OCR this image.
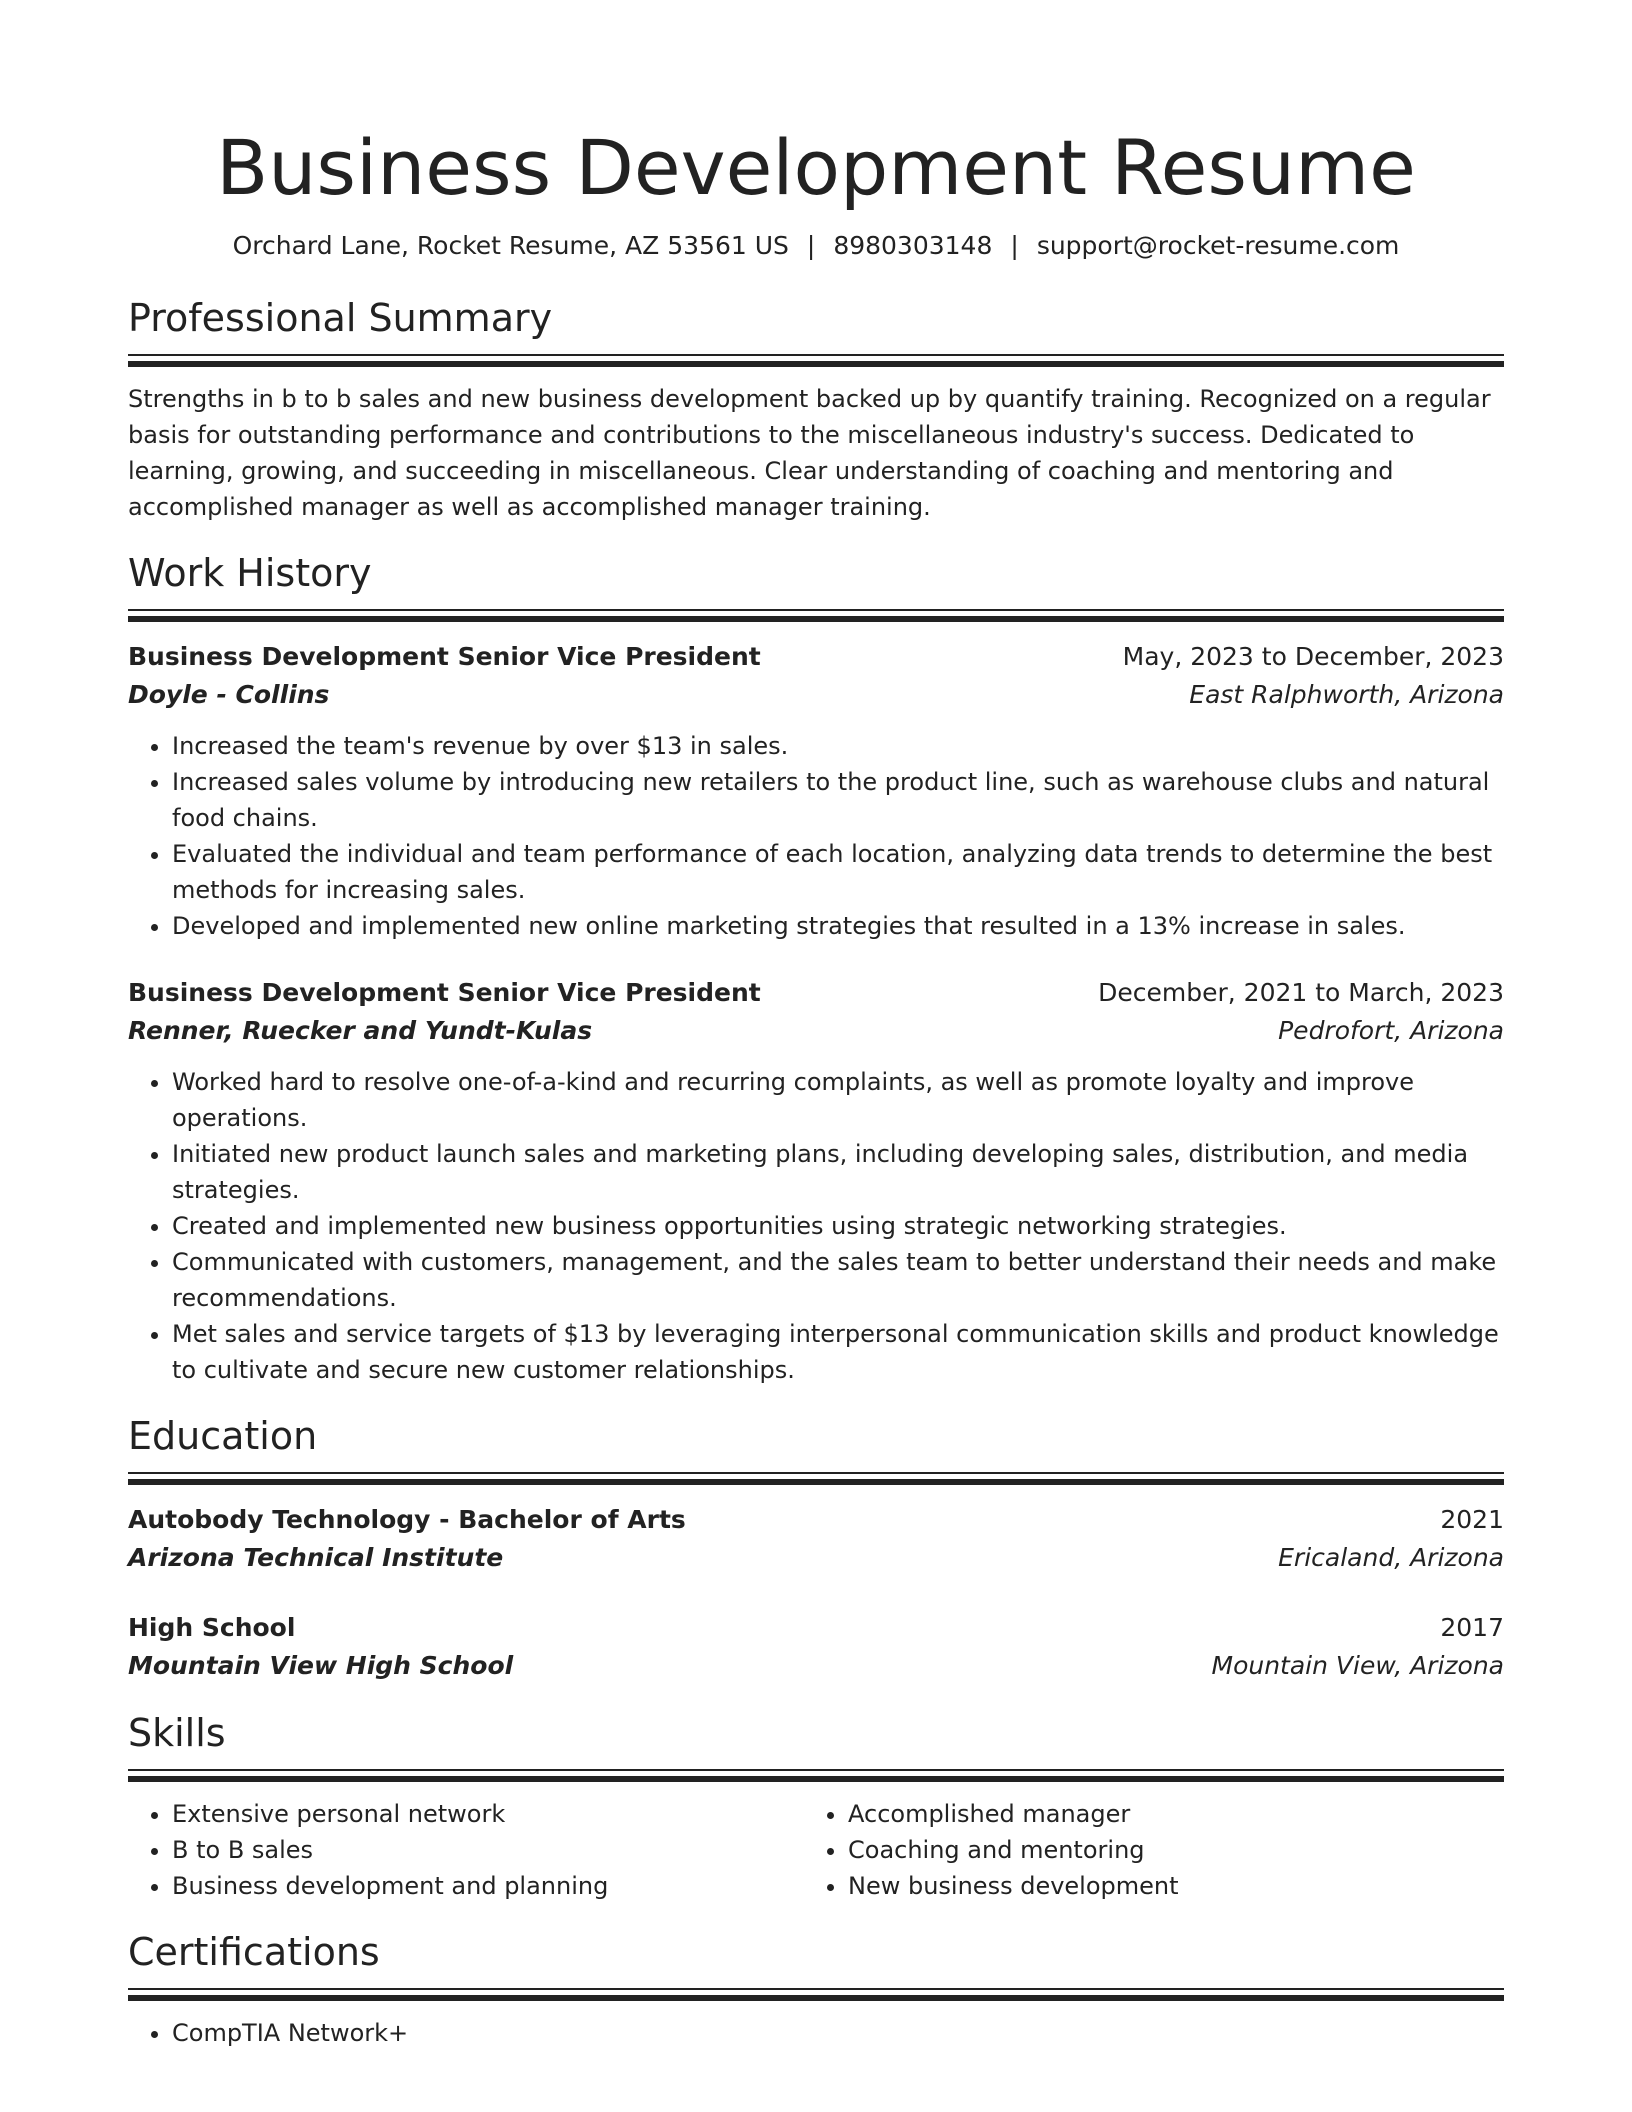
Business Development Resume
Orchard Lane, Rocket Resume, AZ 53561 US | 8980303148 | support@rocket-resume.com
Professional Summary
Strengths in b to b sales and new business development backed up by quantify training. Recognized on a regular basis for outstanding performance and contributions to the miscellaneous industry's success. Dedicated to learning, growing, and succeeding in miscellaneous. Clear understanding of coaching and mentoring and accomplished manager as well as accomplished manager training.
Work History
Business Development Senior Vice President	May, 2023 to December, 2023
Doyle - Collins	East Ralphworth, Arizona
• Increased the team's revenue by over $13 in sales.
• Increased sales volume by introducing new retailers to the product line, such as warehouse clubs and natural food chains.
• Evaluated the individual and team performance of each location, analyzing data trends to determine the best methods for increasing sales.
• Developed and implemented new online marketing strategies that resulted in a 13% increase in sales.
Business Development Senior Vice President	December, 2021 to March, 2023
Renner, Ruecker and Yundt-Kulas	Pedrofort, Arizona
• Worked hard to resolve one-of-a-kind and recurring complaints, as well as promote loyalty and improve operations.
• Initiated new product launch sales and marketing plans, including developing sales, distribution, and media strategies.
• Created and implemented new business opportunities using strategic networking strategies.
• Communicated with customers, management, and the sales team to better understand their needs and make recommendations.
• Met sales and service targets of $13 by leveraging interpersonal communication skills and product knowledge to cultivate and secure new customer relationships.
Education
Autobody Technology - Bachelor of Arts	2021
Arizona Technical Institute	Ericaland, Arizona
High School	2017
Mountain View High School	Mountain View, Arizona
Skills
• Extensive personal network
• B to B sales
• Business development and planning
• Accomplished manager
• Coaching and mentoring
• New business development
Certifications
• CompTIA Network+
